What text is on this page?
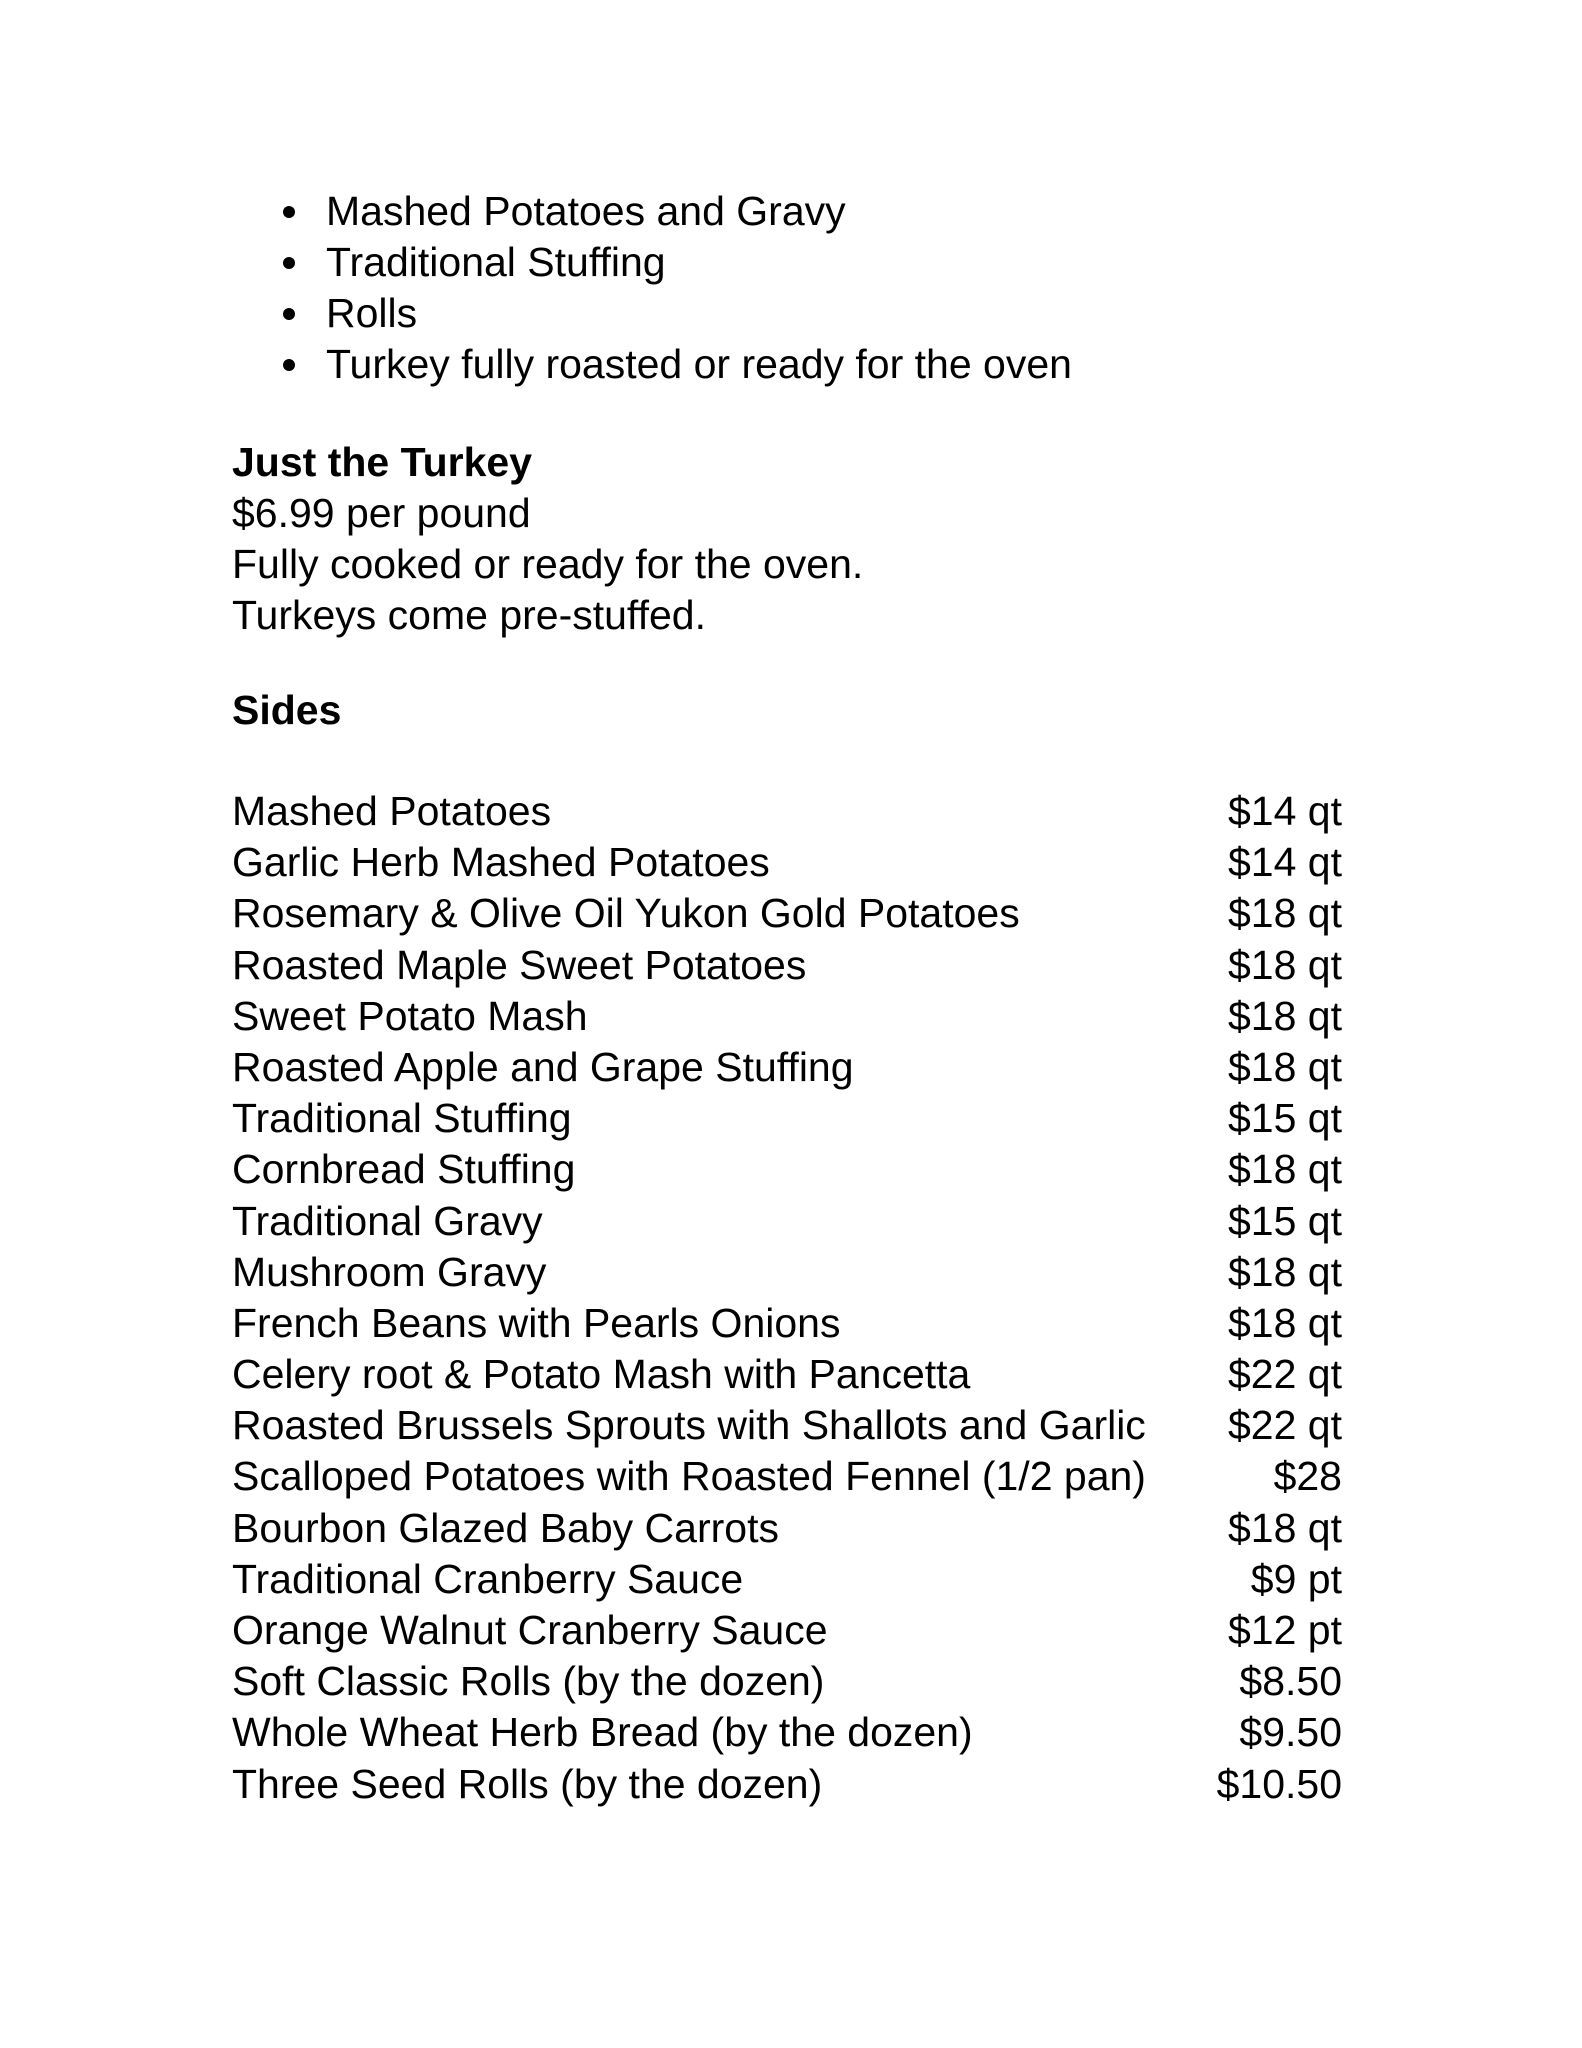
Mashed Potatoes and Gravy
Traditional Stuffing
Rolls
Turkey fully roasted or ready for the oven
Just the Turkey
$6.99 per pound
Fully cooked or ready for the oven.
Turkeys come pre-stuffed.
Sides
Mashed Potatoes	$14 qt
Garlic Herb Mashed Potatoes	$14 qt
Rosemary & Olive Oil Yukon Gold Potatoes	$18 qt
Roasted Maple Sweet Potatoes	$18 qt
Sweet Potato Mash	$18 qt
Roasted Apple and Grape Stuffing	$18 qt
Traditional Stuffing	$15 qt
Cornbread Stuffing	$18 qt
Traditional Gravy	$15 qt
Mushroom Gravy	$18 qt
French Beans with Pearls Onions	$18 qt
Celery root & Potato Mash with Pancetta	$22 qt
Roasted Brussels Sprouts with Shallots and Garlic $22 qt
Scalloped Potatoes with Roasted Fennel (1/2 pan)	$28
Bourbon Glazed Baby Carrots	$18 qt
Traditional Cranberry Sauce	$9 pt
Orange Walnut Cranberry Sauce	$12 pt
Soft Classic Rolls (by the dozen)	$8.50
Whole Wheat Herb Bread (by the dozen)	$9.50
Three Seed Rolls (by the dozen)	$10.50
